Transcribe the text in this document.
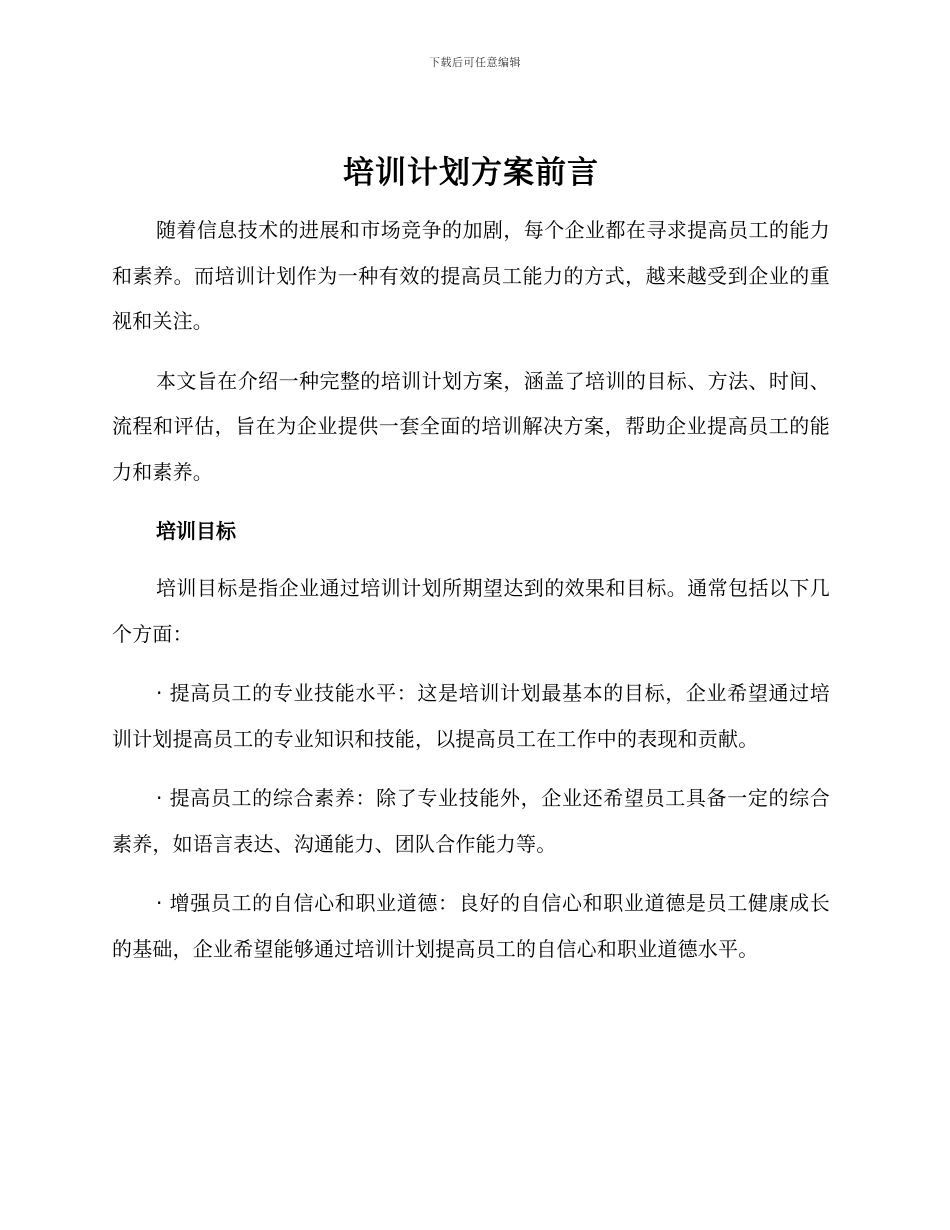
下载后可任意编辑
培训计划方案前言

随着信息技术的进展和市场竞争的加剧，每个企业都在寻求提高员工的能力和素养。而培训计划作为一种有效的提高员工能力的方式，越来越受到企业的重视和关注。

本文旨在介绍一种完整的培训计划方案，涵盖了培训的目标、方法、时间、流程和评估，旨在为企业提供一套全面的培训解决方案，帮助企业提高员工的能力和素养。

培训目标

培训目标是指企业通过培训计划所期望达到的效果和目标。通常包括以下几个方面：

· 提高员工的专业技能水平：这是培训计划最基本的目标，企业希望通过培训计划提高员工的专业知识和技能，以提高员工在工作中的表现和贡献。

· 提高员工的综合素养：除了专业技能外，企业还希望员工具备一定的综合素养，如语言表达、沟通能力、团队合作能力等。

· 增强员工的自信心和职业道德：良好的自信心和职业道德是员工健康成长的基础，企业希望能够通过培训计划提高员工的自信心和职业道德水平。
